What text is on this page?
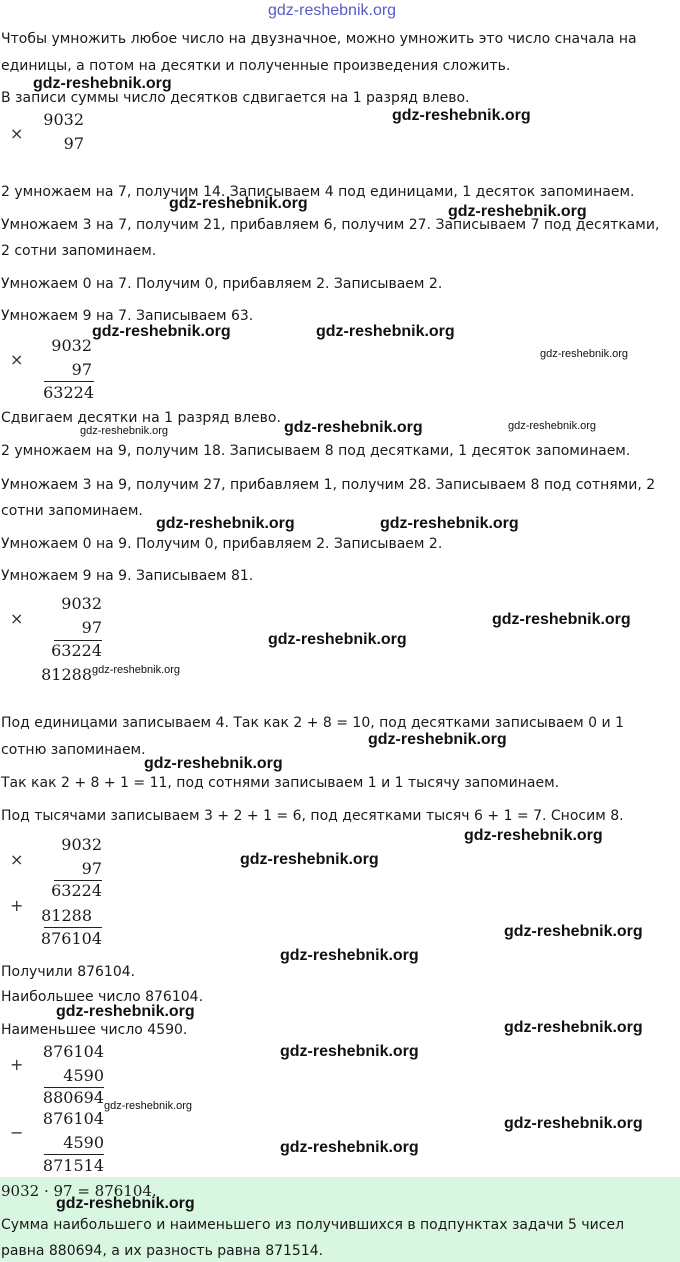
gdz-reshebnik.org
Чтобы умножить любое число на двузначное, можно умножить это число сначала на
единицы, а потом на десятки и полученные произведения сложить.
В записи суммы число десятков сдвигается на 1 разряд влево.
×
9032
97
2 умножаем на 7, получим 14. Записываем 4 под единицами, 1 десяток запоминаем.
Умножаем 3 на 7, получим 21, прибавляем 6, получим 27. Записываем 7 под десятками,
2 сотни запоминаем.
Умножаем 0 на 7. Получим 0, прибавляем 2. Записываем 2.
Умножаем 9 на 7. Записываем 63.
×
9032
97
63224
Сдвигаем десятки на 1 разряд влево.
2 умножаем на 9, получим 18. Записываем 8 под десятками, 1 десяток запоминаем.
Умножаем 3 на 9, получим 27, прибавляем 1, получим 28. Записываем 8 под сотнями, 2
сотни запоминаем.
Умножаем 0 на 9. Получим 0, прибавляем 2. Записываем 2.
Умножаем 9 на 9. Записываем 81.
×
9032
97
63224
81288
Под единицами записываем 4. Так как 2 + 8 = 10, под десятками записываем 0 и 1
сотню запоминаем.
Так как 2 + 8 + 1 = 11, под сотнями записываем 1 и 1 тысячу запоминаем.
Под тысячами записываем 3 + 2 + 1 = 6, под десятками тысяч 6 + 1 = 7. Сносим 8.
×
9032
97
63224
+
81288
876104
Получили 876104.
Наибольшее число 876104.
Наименьшее число 4590.
+
876104
4590
880694
−
876104
4590
871514
9032 · 97 = 876104.
Сумма наибольшего и наименьшего из получившихся в подпунктах задачи 5 чисел
равна 880694, а их разность равна 871514.
gdz-reshebnik.org
gdz-reshebnik.org
gdz-reshebnik.org	gdz-reshebnik.org
gdz-reshebnik.org	gdz-reshebnik.org
gdz-reshebnik.org
gdz-reshebnik.org	gdz-reshebnik.org	gdz-reshebnik.org
gdz-reshebnik.org	gdz-reshebnik.org
gdz-reshebnik.org
gdz-reshebnik.org
gdz-reshebnik.org
gdz-reshebnik.org
gdz-reshebnik.org
gdz-reshebnik.org
gdz-reshebnik.org
gdz-reshebnik.org
gdz-reshebnik.org
gdz-reshebnik.org
gdz-reshebnik.org
gdz-reshebnik.org
gdz-reshebnik.org
gdz-reshebnik.org
gdz-reshebnik.org
gdz-reshebnik.org
